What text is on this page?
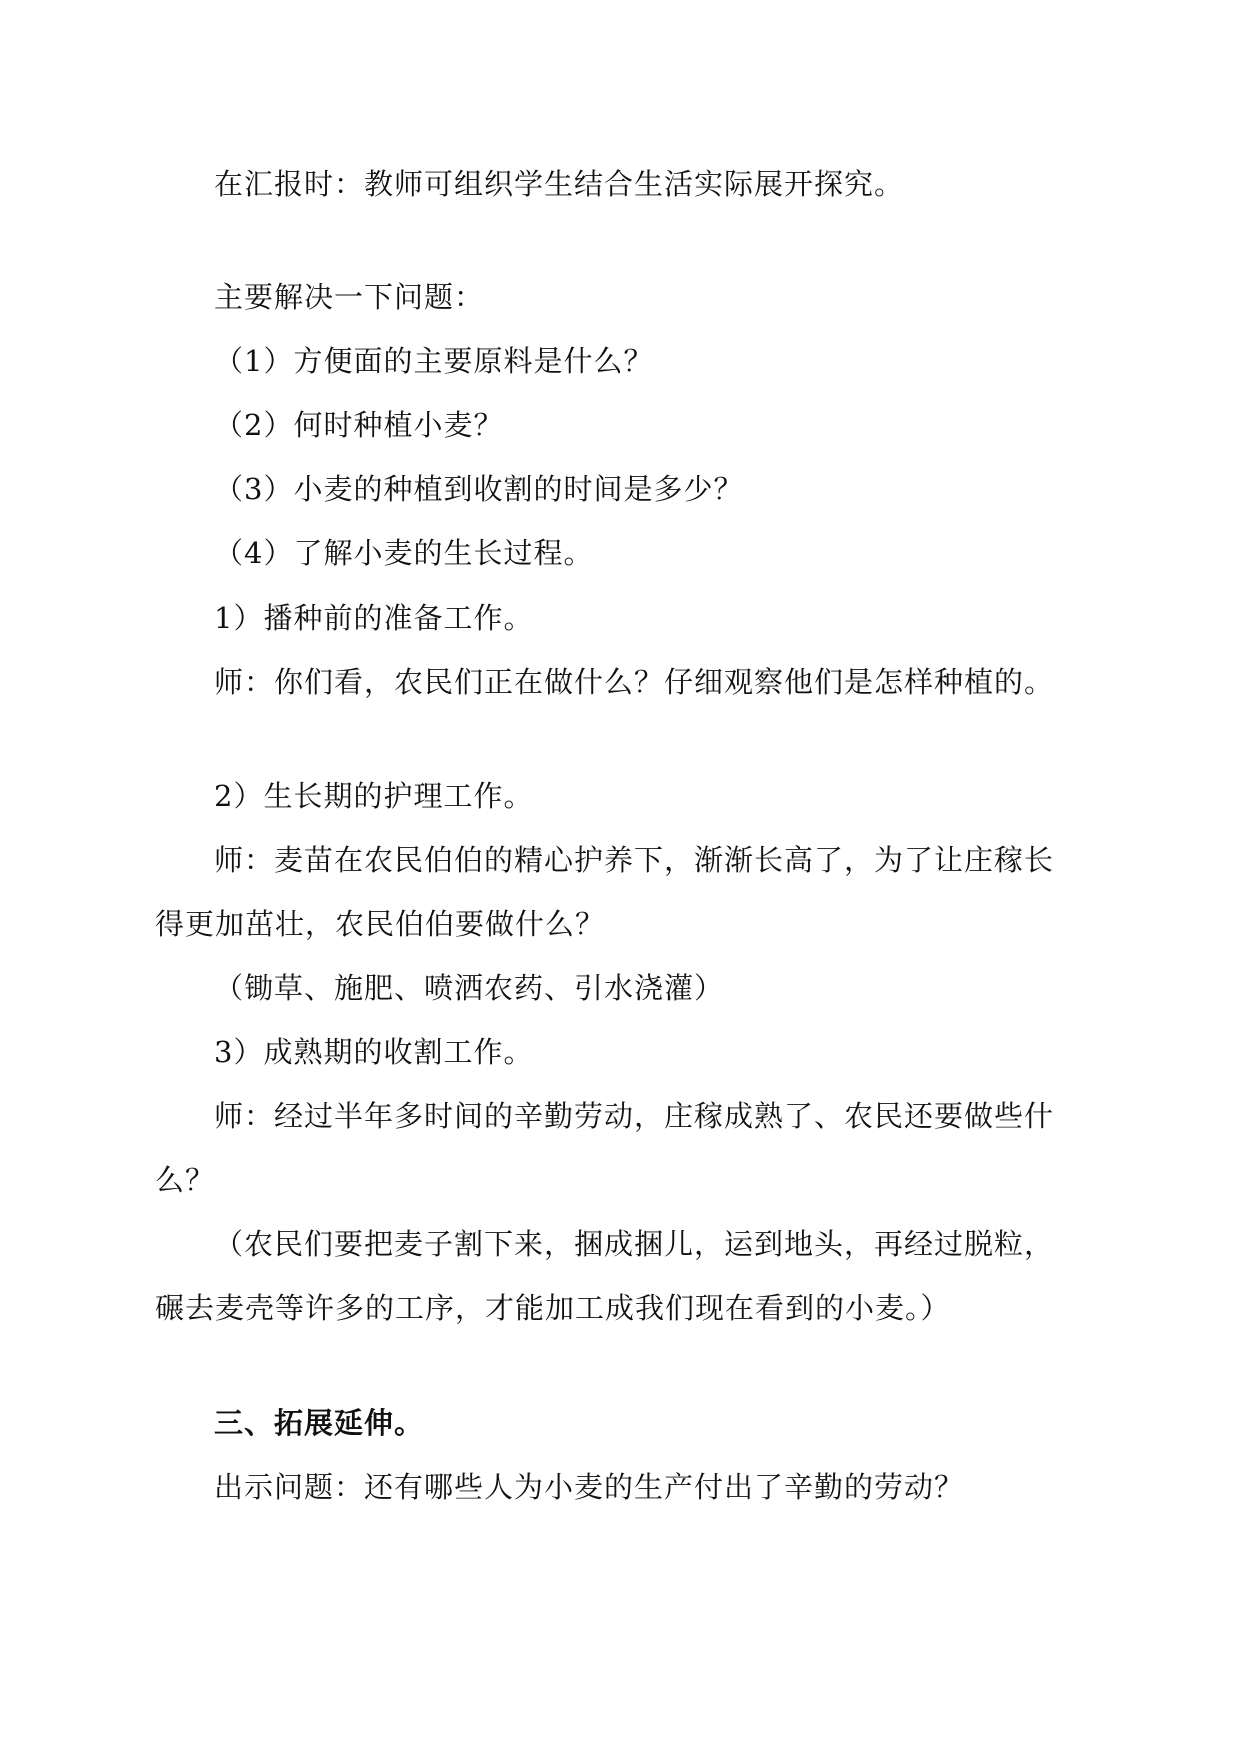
在汇报时：教师可组织学生结合生活实际展开探究。
主要解决一下问题：
（1）方便面的主要原料是什么？
（2）何时种植小麦？
（3）小麦的种植到收割的时间是多少？
（4）了解小麦的生长过程。
1）播种前的准备工作。
师：你们看，农民们正在做什么？仔细观察他们是怎样种植的。
2）生长期的护理工作。
师：麦苗在农民伯伯的精心护养下，渐渐长高了，为了让庄稼长
得更加茁壮，农民伯伯要做什么？
（锄草、施肥、喷洒农药、引水浇灌）
3）成熟期的收割工作。
师：经过半年多时间的辛勤劳动，庄稼成熟了、农民还要做些什
么？
（农民们要把麦子割下来，捆成捆儿，运到地头，再经过脱粒，
碾去麦壳等许多的工序，才能加工成我们现在看到的小麦。）
三、拓展延伸。
出示问题：还有哪些人为小麦的生产付出了辛勤的劳动？
